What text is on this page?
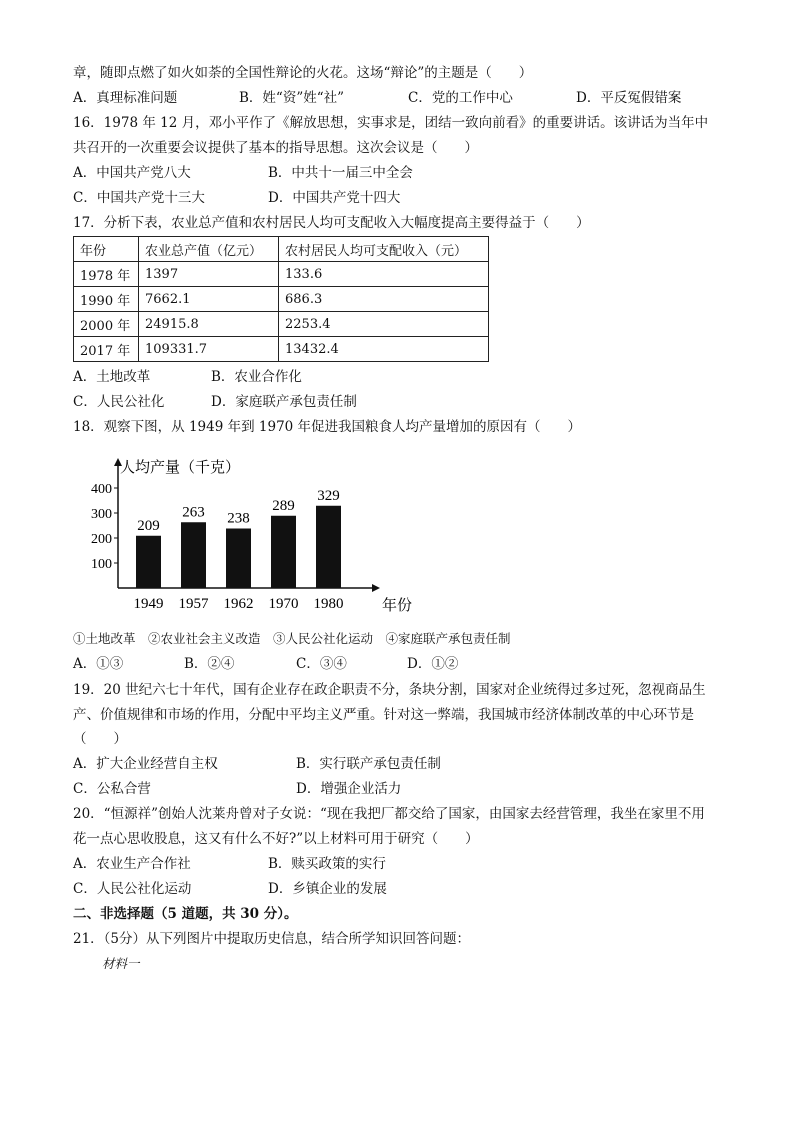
章，随即点燃了如火如荼的全国性辩论的火花。这场“辩论”的主题是（　　）
A．真理标准问题	B．姓“资”姓“社”	C．党的工作中心	D．平反冤假错案
16．1978 年 12 月，邓小平作了《解放思想，实事求是，团结一致向前看》的重要讲话。该讲话为当年中
共召开的一次重要会议提供了基本的指导思想。这次会议是（　　）
A．中国共产党八大	B．中共十一届三中全会
C．中国共产党十三大	D．中国共产党十四大
17．分析下表，农业总产值和农村居民人均可支配收入大幅度提高主要得益于（　　）
年份	农业总产值（亿元）	农村居民人均可支配收入（元）
1978 年	1397	133.6
1990 年	7662.1	686.3
2000 年	24915.8	2253.4
2017 年	109331.7	13432.4
A．土地改革	B．农业合作化
C．人民公社化	D．家庭联产承包责任制
18．观察下图，从 1949 年到 1970 年促进我国粮食人均产量增加的原因有（　　）
人均产量（千克）
年份
100
200
300
400
209
1949
263
1957
238
1962
289
1970
329
1980
①土地改革　②农业社会主义改造　③人民公社化运动　④家庭联产承包责任制
A．①③	B．②④	C．③④	D．①②
19．20 世纪六七十年代，国有企业存在政企职责不分，条块分割，国家对企业统得过多过死，忽视商品生
产、价值规律和市场的作用，分配中平均主义严重。针对这一弊端，我国城市经济体制改革的中心环节是
（　　）
A．扩大企业经营自主权	B．实行联产承包责任制
C．公私合营	D．增强企业活力
20．“恒源祥”创始人沈莱舟曾对子女说：“现在我把厂都交给了国家，由国家去经营管理，我坐在家里不用
花一点心思收股息，这又有什么不好?”以上材料可用于研究（　　）
A．农业生产合作社	B．赎买政策的实行
C．人民公社化运动	D．乡镇企业的发展
二、非选择题（5 道题，共 30 分）。
21．（5分）从下列图片中提取历史信息，结合所学知识回答问题：
材料一
